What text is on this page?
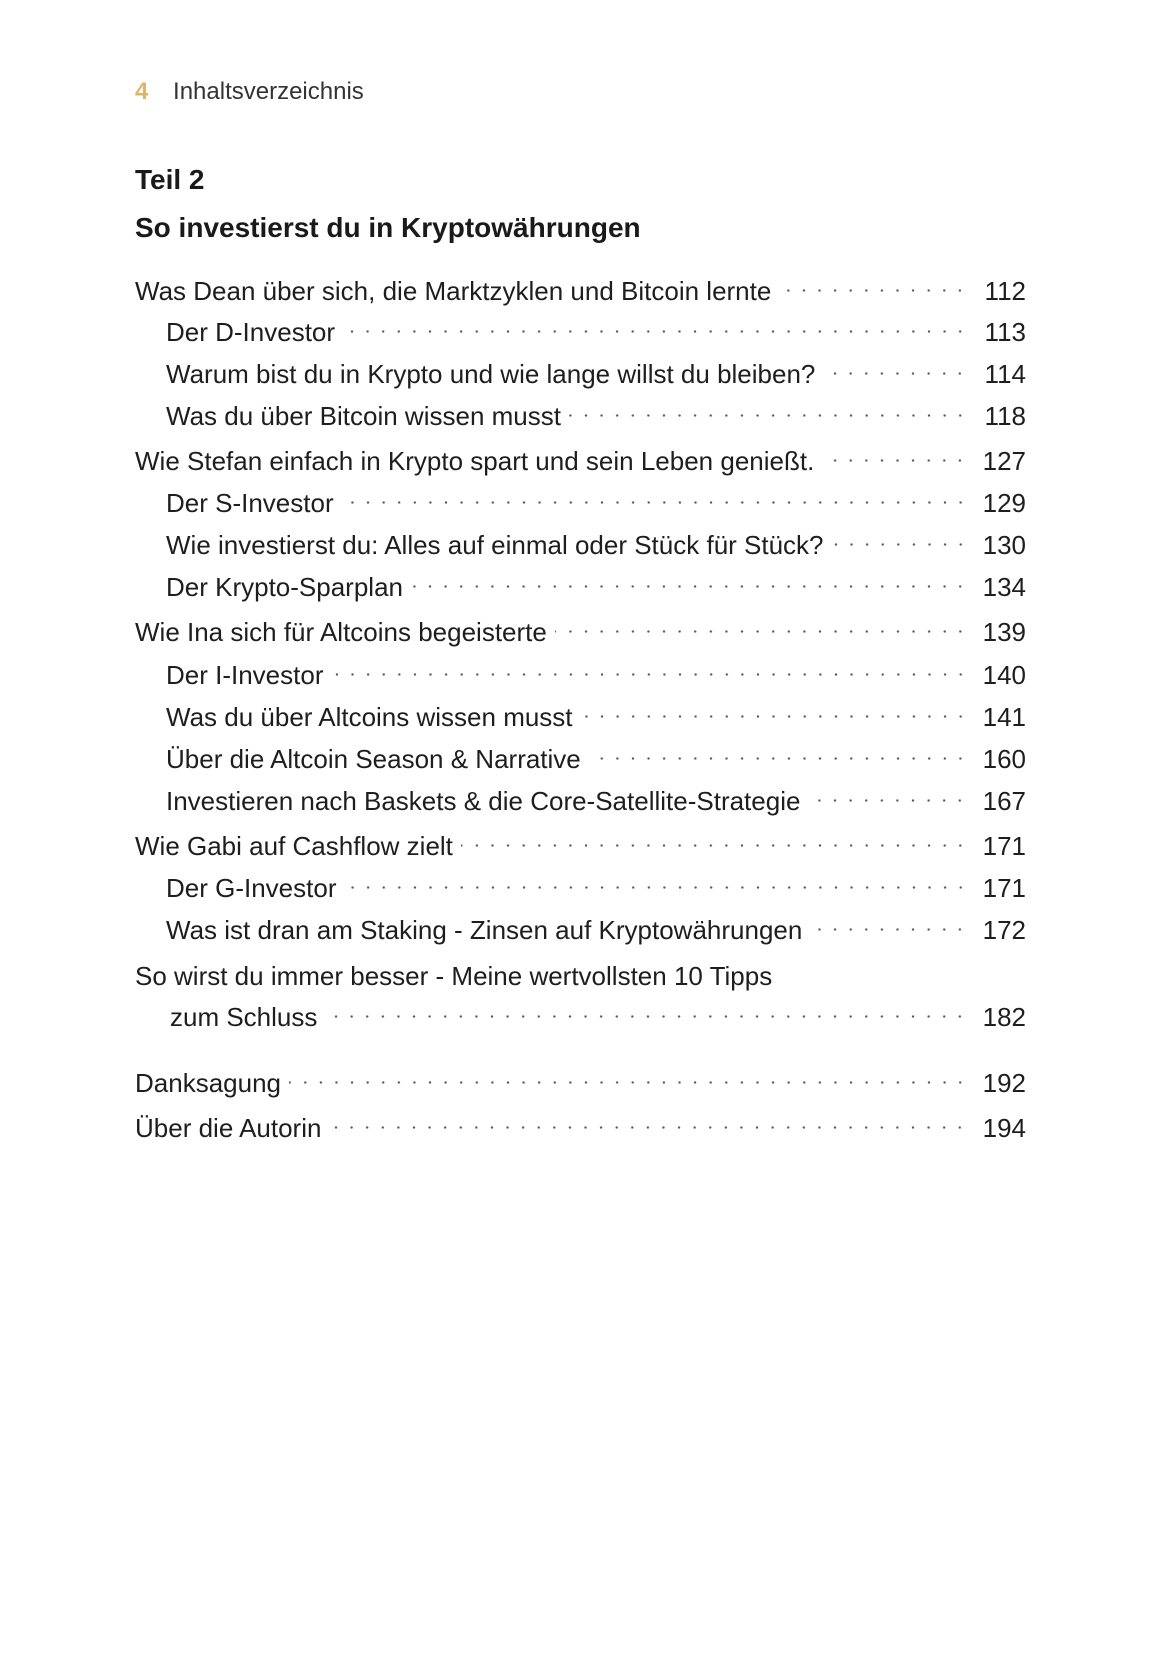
4 Inhaltsverzeichnis
Teil 2
So investierst du in Kryptowährungen
Was Dean über sich, die Marktzyklen und Bitcoin lernte	112
Der D-Investor	113
Warum bist du in Krypto und wie lange willst du bleiben?	114
Was du über Bitcoin wissen musst	118
Wie Stefan einfach in Krypto spart und sein Leben genießt.	127
Der S-Investor	129
Wie investierst du: Alles auf einmal oder Stück für Stück?	130
Der Krypto-Sparplan	134
Wie Ina sich für Altcoins begeisterte	139
Der I-Investor	140
Was du über Altcoins wissen musst	141
Über die Altcoin Season & Narrative	160
Investieren nach Baskets & die Core-Satellite-Strategie	167
Wie Gabi auf Cashflow zielt	171
Der G-Investor	171
Was ist dran am Staking - Zinsen auf Kryptowährungen	172
So wirst du immer besser - Meine wertvollsten 10 Tipps
zum Schluss	182
Danksagung	192
Über die Autorin	194
